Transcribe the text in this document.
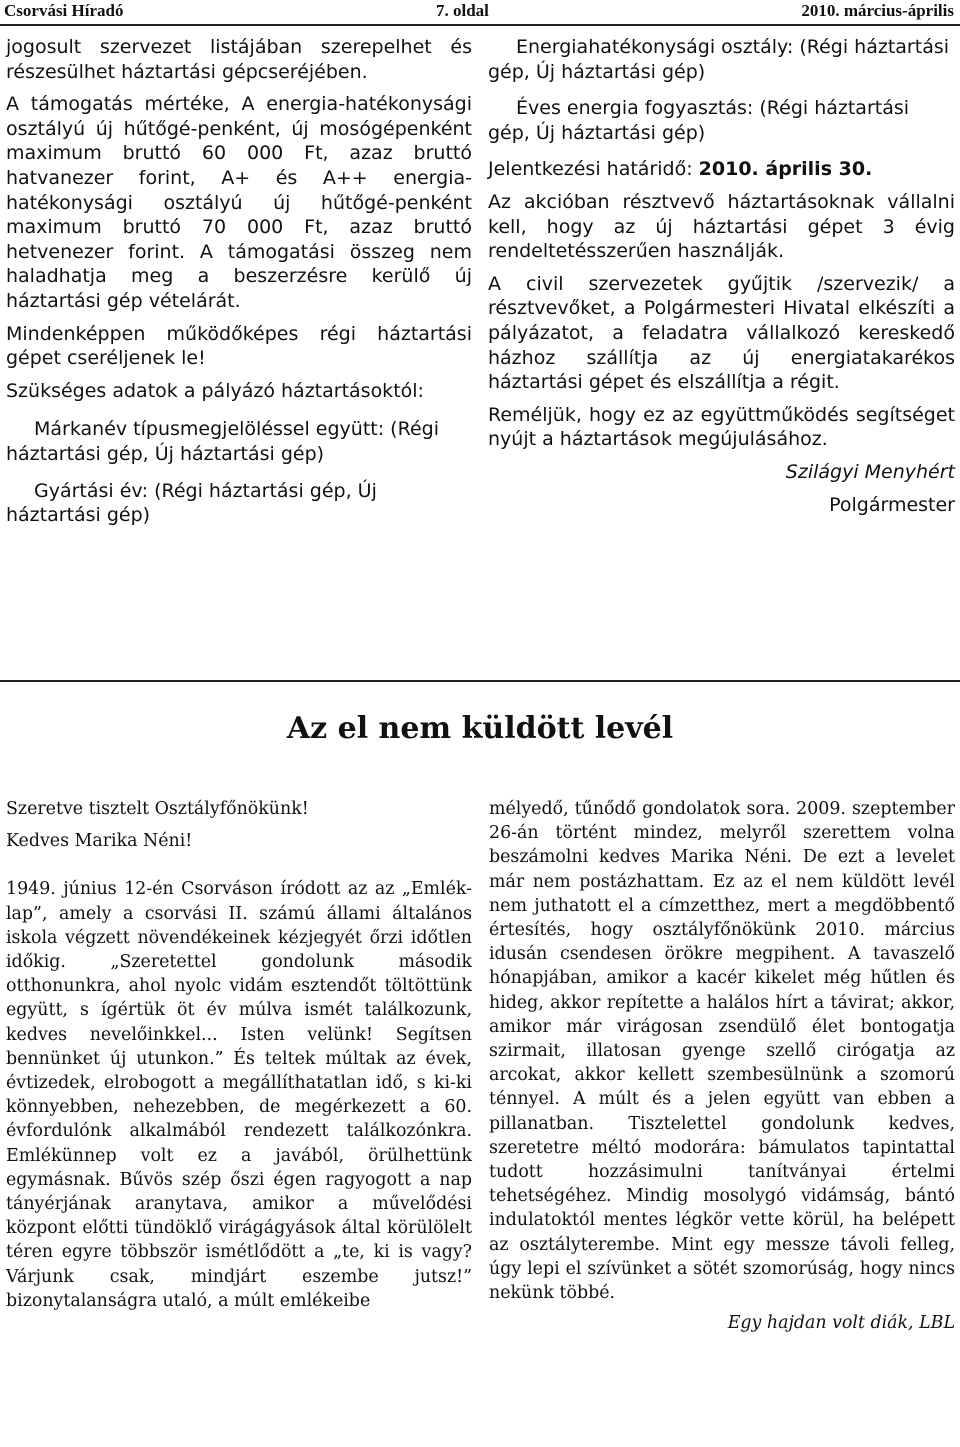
Csorvási Híradó	7. oldal	2010. március-április

jogosult szervezet listájában szerepelhet és részesülhet háztartási gépcseréjében.

A támogatás mértéke, A energia-hatékonysági osztályú új hűtőgé-penként, új mosógépenként maximum bruttó 60 000 Ft, azaz bruttó hatvanezer forint, A+ és A++ energia-hatékonysági osztályú új hűtőgé-penként maximum bruttó 70 000 Ft, azaz bruttó hetvenezer forint. A támogatási összeg nem haladhatja meg a beszerzésre kerülő új háztartási gép vételárát.

Mindenképpen működőképes régi háztartási gépet cseréljenek le!

Szükséges adatok a pályázó háztartásoktól:

Márkanév típusmegjelöléssel együtt: (Régi háztartási gép, Új háztartási gép)

Gyártási év: (Régi háztartási gép, Új háztartási gép)

Energiahatékonysági osztály: (Régi háztartási gép, Új háztartási gép)

Éves energia fogyasztás: (Régi háztartási gép, Új háztartási gép)

Jelentkezési határidő: 2010. április 30.

Az akcióban résztvevő háztartásoknak vállalni kell, hogy az új háztartási gépet 3 évig rendeltetésszerűen használják.

A civil szervezetek gyűjtik /szervezik/ a résztvevőket, a Polgármesteri Hivatal elkészíti a pályázatot, a feladatra vállalkozó kereskedő házhoz szállítja az új energiatakarékos háztartási gépet és elszállítja a régit.

Reméljük, hogy ez az együttműködés segítséget nyújt a háztartások megújulásához.

Szilágyi Menyhért
Polgármester
Az el nem küldött levél

Szeretve tisztelt Osztályfőnökünk!

Kedves Marika Néni!

1949. június 12-én Csorváson íródott az az „Emlék-lap”, amely a csorvási II. számú állami általános iskola végzett növendékeinek kézjegyét őrzi időtlen időkig. „Szeretettel gondolunk második otthonunkra, ahol nyolc vidám esztendőt töltöttünk együtt, s ígértük öt év múlva ismét találkozunk, kedves nevelőinkkel... Isten velünk! Segítsen bennünket új utunkon.” És teltek múltak az évek, évtizedek, elrobogott a megállíthatatlan idő, s ki-ki könnyebben, nehezebben, de megérkezett a 60. évfordulónk alkalmából rendezett találkozónkra. Emlékünnep volt ez a javából, örülhettünk egymásnak. Bűvös szép őszi égen ragyogott a nap tányérjának aranytava, amikor a művelődési központ előtti tündöklő virágágyások által körülölelt téren egyre többször ismétlődött a „te, ki is vagy? Várjunk csak, mindjárt eszembe jutsz!” bizonytalanságra utaló, a múlt emlékeibe

mélyedő, tűnődő gondolatok sora. 2009. szeptember 26-án történt mindez, melyről szerettem volna beszámolni kedves Marika Néni. De ezt a levelet már nem postázhattam. Ez az el nem küldött levél nem juthatott el a címzetthez, mert a megdöbbentő értesítés, hogy osztályfőnökünk 2010. március idusán csendesen örökre megpihent. A tavaszelő hónapjában, amikor a kacér kikelet még hűtlen és hideg, akkor repítette a halálos hírt a távirat; akkor, amikor már virágosan zsendülő élet bontogatja szirmait, illatosan gyenge szellő cirógatja az arcokat, akkor kellett szembesülnünk a szomorú ténnyel. A múlt és a jelen együtt van ebben a pillanatban. Tisztelettel gondolunk kedves, szeretetre méltó modorára: bámulatos tapintattal tudott hozzásimulni tanítványai értelmi tehetségéhez. Mindig mosolygó vidámság, bántó indulatoktól mentes légkör vette körül, ha belépett az osztályterembe. Mint egy messze távoli felleg, úgy lepi el szívünket a sötét szomorúság, hogy nincs nekünk többé.

Egy hajdan volt diák, LBL
